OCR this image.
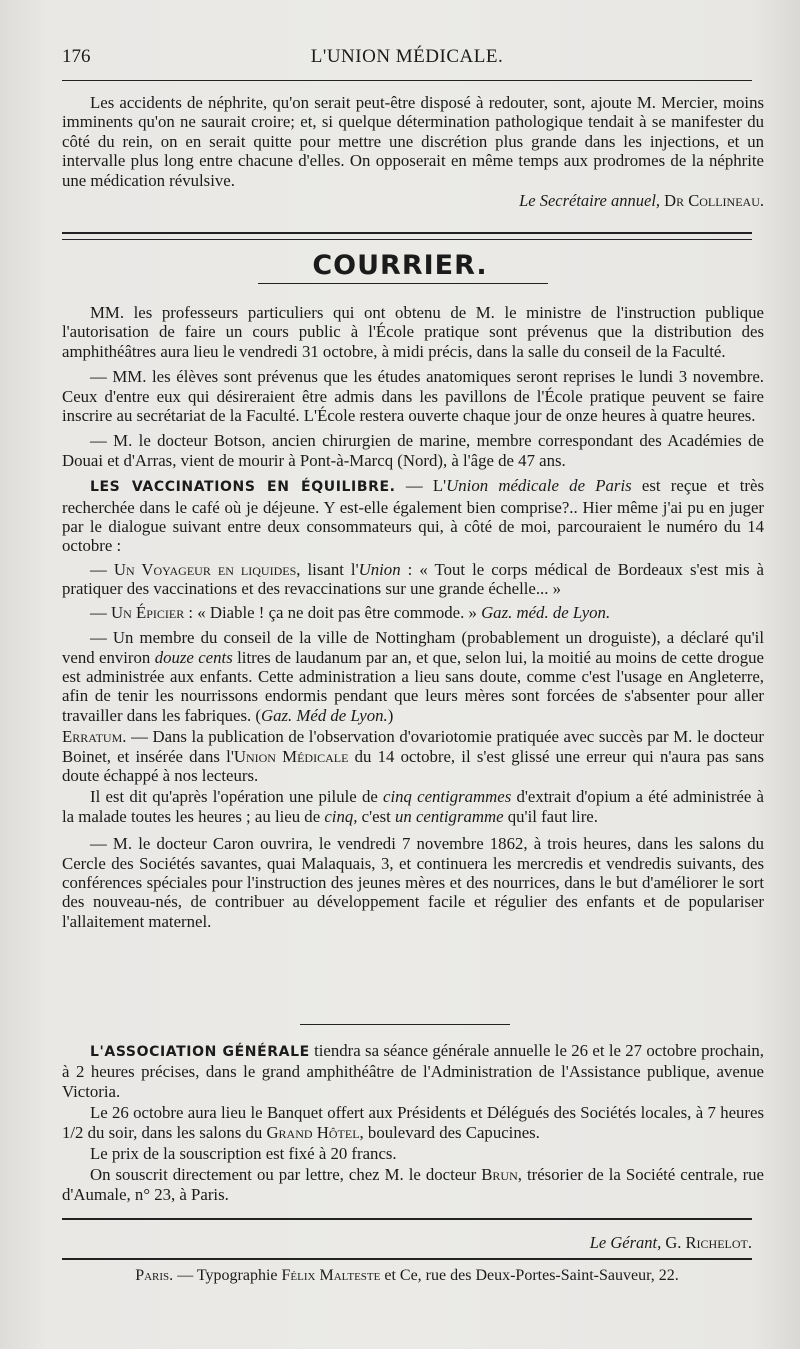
176	L'UNION MÉDICALE.

Les accidents de néphrite, qu'on serait peut-être disposé à redouter, sont, ajoute M. Mercier, moins imminents qu'on ne saurait croire; et, si quelque détermination pathologique tendait à se manifester du côté du rein, on en serait quitte pour mettre une discrétion plus grande dans les injections, et un intervalle plus long entre chacune d'elles. On opposerait en même temps aux prodromes de la néphrite une médication révulsive.

Le Secrétaire annuel, Dr Collineau.

COURRIER.

MM. les professeurs particuliers qui ont obtenu de M. le ministre de l'instruction publique l'autorisation de faire un cours public à l'École pratique sont prévenus que la distribution des amphithéâtres aura lieu le vendredi 31 octobre, à midi précis, dans la salle du conseil de la Faculté.

— MM. les élèves sont prévenus que les études anatomiques seront reprises le lundi 3 novembre. Ceux d'entre eux qui désireraient être admis dans les pavillons de l'École pratique peuvent se faire inscrire au secrétariat de la Faculté. L'École restera ouverte chaque jour de onze heures à quatre heures.

— M. le docteur Botson, ancien chirurgien de marine, membre correspondant des Académies de Douai et d'Arras, vient de mourir à Pont-à-Marcq (Nord), à l'âge de 47 ans.

LES VACCINATIONS EN ÉQUILIBRE. — L'Union médicale de Paris est reçue et très recherchée dans le café où je déjeune. Y est-elle également bien comprise?.. Hier même j'ai pu en juger par le dialogue suivant entre deux consommateurs qui, à côté de moi, parcouraient le numéro du 14 octobre :

— Un Voyageur en liquides, lisant l'Union : « Tout le corps médical de Bordeaux s'est mis à pratiquer des vaccinations et des revaccinations sur une grande échelle... »

— Un Épicier : « Diable ! ça ne doit pas être commode. » Gaz. méd. de Lyon.

— Un membre du conseil de la ville de Nottingham (probablement un droguiste), a déclaré qu'il vend environ douze cents litres de laudanum par an, et que, selon lui, la moitié au moins de cette drogue est administrée aux enfants. Cette administration a lieu sans doute, comme c'est l'usage en Angleterre, afin de tenir les nourrissons endormis pendant que leurs mères sont forcées de s'absenter pour aller travailler dans les fabriques. (Gaz. Méd de Lyon.)

Erratum. — Dans la publication de l'observation d'ovariotomie pratiquée avec succès par M. le docteur Boinet, et insérée dans l'Union Médicale du 14 octobre, il s'est glissé une erreur qui n'aura pas sans doute échappé à nos lecteurs.

Il est dit qu'après l'opération une pilule de cinq centigrammes d'extrait d'opium a été administrée à la malade toutes les heures ; au lieu de cinq, c'est un centigramme qu'il faut lire.

— M. le docteur Caron ouvrira, le vendredi 7 novembre 1862, à trois heures, dans les salons du Cercle des Sociétés savantes, quai Malaquais, 3, et continuera les mercredis et vendredis suivants, des conférences spéciales pour l'instruction des jeunes mères et des nourrices, dans le but d'améliorer le sort des nouveau-nés, de contribuer au développement facile et régulier des enfants et de populariser l'allaitement maternel.

L'ASSOCIATION GÉNÉRALE tiendra sa séance générale annuelle le 26 et le 27 octobre prochain, à 2 heures précises, dans le grand amphithéâtre de l'Administration de l'Assistance publique, avenue Victoria.

Le 26 octobre aura lieu le Banquet offert aux Présidents et Délégués des Sociétés locales, à 7 heures 1/2 du soir, dans les salons du Grand Hôtel, boulevard des Capucines.

Le prix de la souscription est fixé à 20 francs.

On souscrit directement ou par lettre, chez M. le docteur Brun, trésorier de la Société centrale, rue d'Aumale, n° 23, à Paris.

Le Gérant, G. Richelot.
Paris. — Typographie Félix Malteste et Ce, rue des Deux-Portes-Saint-Sauveur, 22.
